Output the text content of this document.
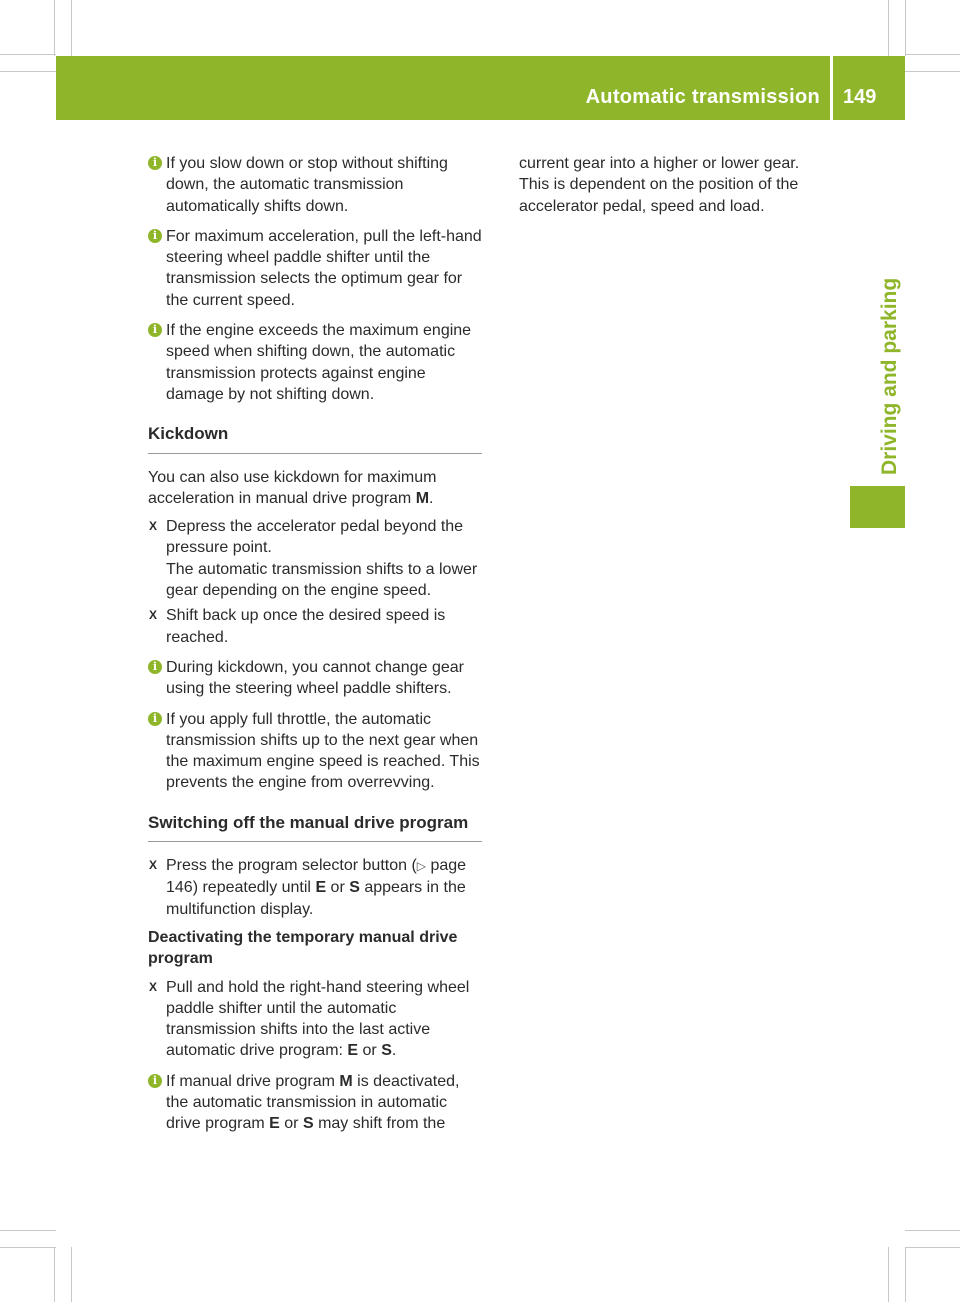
Automatic transmission 149
Driving and parking
i If you slow down or stop without shifting down, the automatic transmission automatically shifts down.
i For maximum acceleration, pull the left-hand steering wheel paddle shifter until the transmission selects the optimum gear for the current speed.
i If the engine exceeds the maximum engine speed when shifting down, the automatic transmission protects against engine damage by not shifting down.
Kickdown
You can also use kickdown for maximum acceleration in manual drive program M.
X Depress the accelerator pedal beyond the pressure point.
The automatic transmission shifts to a lower gear depending on the engine speed.
X Shift back up once the desired speed is reached.
i During kickdown, you cannot change gear using the steering wheel paddle shifters.
i If you apply full throttle, the automatic transmission shifts up to the next gear when the maximum engine speed is reached. This prevents the engine from overrevving.
Switching off the manual drive program
X Press the program selector button (▷ page 146) repeatedly until E or S appears in the multifunction display.
Deactivating the temporary manual drive program
X Pull and hold the right-hand steering wheel paddle shifter until the automatic transmission shifts into the last active automatic drive program: E or S.
i If manual drive program M is deactivated, the automatic transmission in automatic drive program E or S may shift from the
current gear into a higher or lower gear. This is dependent on the position of the accelerator pedal, speed and load.
